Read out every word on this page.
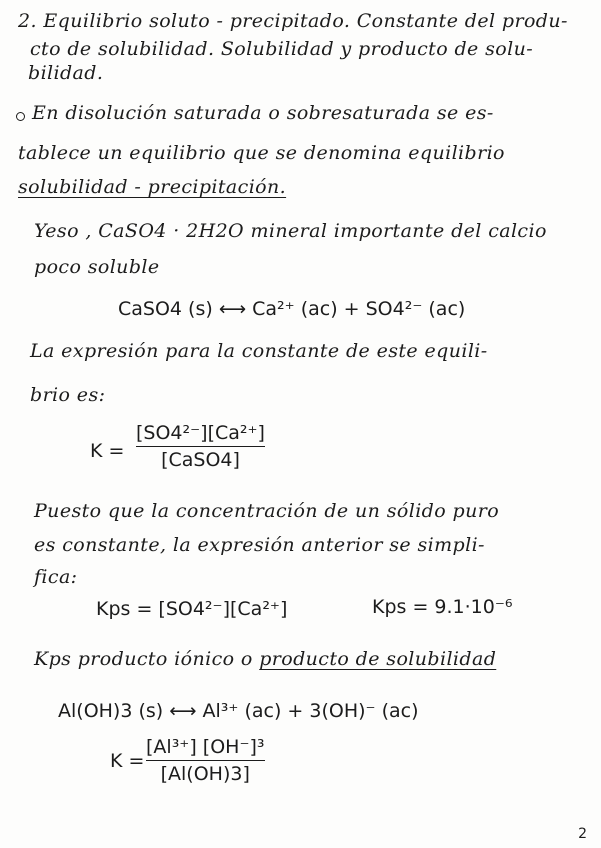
2. Equilibrio soluto - precipitado. Constante del produ-
cto de solubilidad. Solubilidad y producto de solu-
bilidad.
En disolución saturada o sobresaturada se es-
tablece un equilibrio que se denomina equilibrio
solubilidad - precipitación.
Yeso , CaSO4 · 2H2O mineral importante del calcio
poco soluble
CaSO4 (s) ⟷ Ca²⁺ (ac) + SO4²⁻ (ac)
La expresión para la constante de este equili-
brio es:
K =
[SO4²⁻][Ca²⁺]
[CaSO4]
Puesto que la concentración de un sólido puro
es constante, la expresión anterior se simpli-
fica:
Kps = [SO4²⁻][Ca²⁺]	Kps = 9.1·10⁻⁶
Kps producto iónico o producto de solubilidad
Al(OH)3 (s) ⟷ Al³⁺ (ac) + 3(OH)⁻ (ac)
K =
[Al³⁺] [OH⁻]³
[Al(OH)3]
2
